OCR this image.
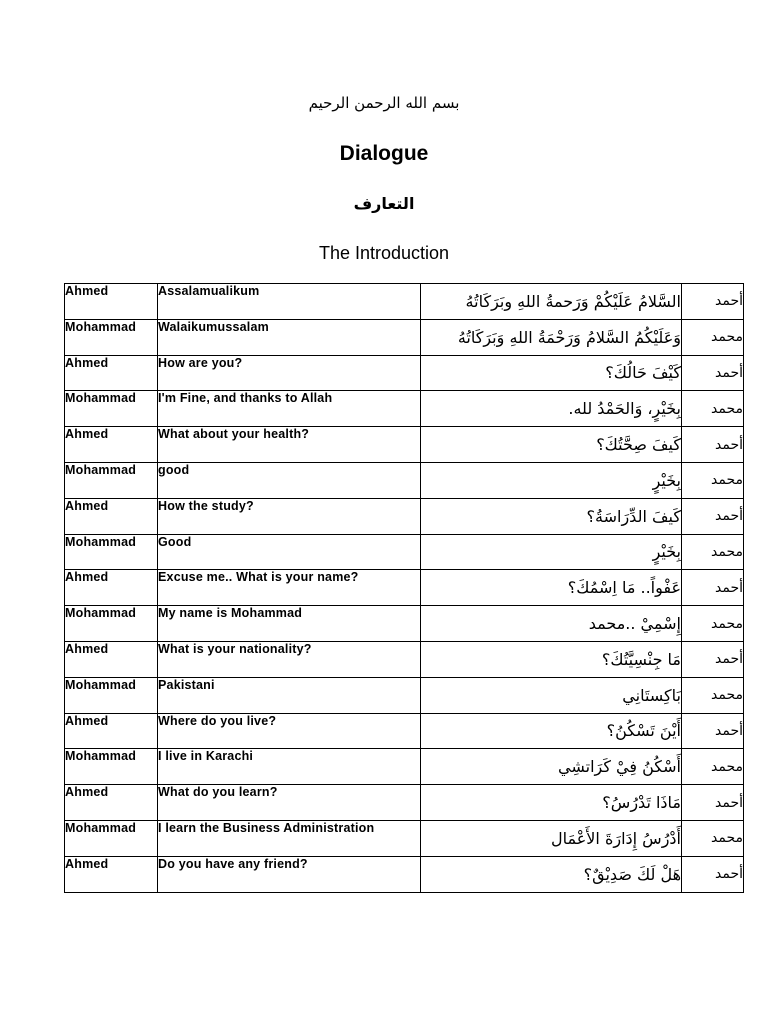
بسم الله الرحمن الرحيم
Dialogue
التعارف
The Introduction
Ahmed	Assalamualikum	السَّلامُ عَلَيْكُمْ وَرَحمةُ اللهِ وبَرَكَاتُهُ	أحمد
Mohammad	Walaikumussalam	وَعَلَيْكُمُ السَّلامُ وَرَحْمَةُ اللهِ وَبَرَكَاتُهُ	محمد
Ahmed	How are you?	كَيْفَ حَالُكَ؟	أحمد
Mohammad	I'm Fine, and thanks to Allah	بِخَيْرٍ، وَالحَمْدُ لله.	محمد
Ahmed	What about your health?	كَيفَ صِحَّتُكَ؟	أحمد
Mohammad	good	بِخَيْرٍ	محمد
Ahmed	How the study?	كَيفَ الدِّرَاسَةُ؟	أحمد
Mohammad	Good	بِخَيْرٍ	محمد
Ahmed	Excuse me.. What is your name?	عَفْواً.. مَا اِسْمُكَ؟	أحمد
Mohammad	My name is Mohammad	إِسْمِيْ ..محمد	محمد
Ahmed	What is your nationality?	مَا جِنْسِيَّتُكَ؟	أحمد
Mohammad	Pakistani	بَاكِستَانِي	محمد
Ahmed	Where do you live?	أَيْنَ تَسْكُنُ؟	أحمد
Mohammad	I live in Karachi	أَسْكُنُ فِيْ كَرَاتشِي	محمد
Ahmed	What do you learn?	مَاذَا تَدْرُسُ؟	أحمد
Mohammad	I learn the Business Administration	أَدْرُسُ إِدَارَةَ الأَعْمَال	محمد
Ahmed	Do you have any friend?	هَلْ لَكَ صَدِيْقٌ؟	أحمد
